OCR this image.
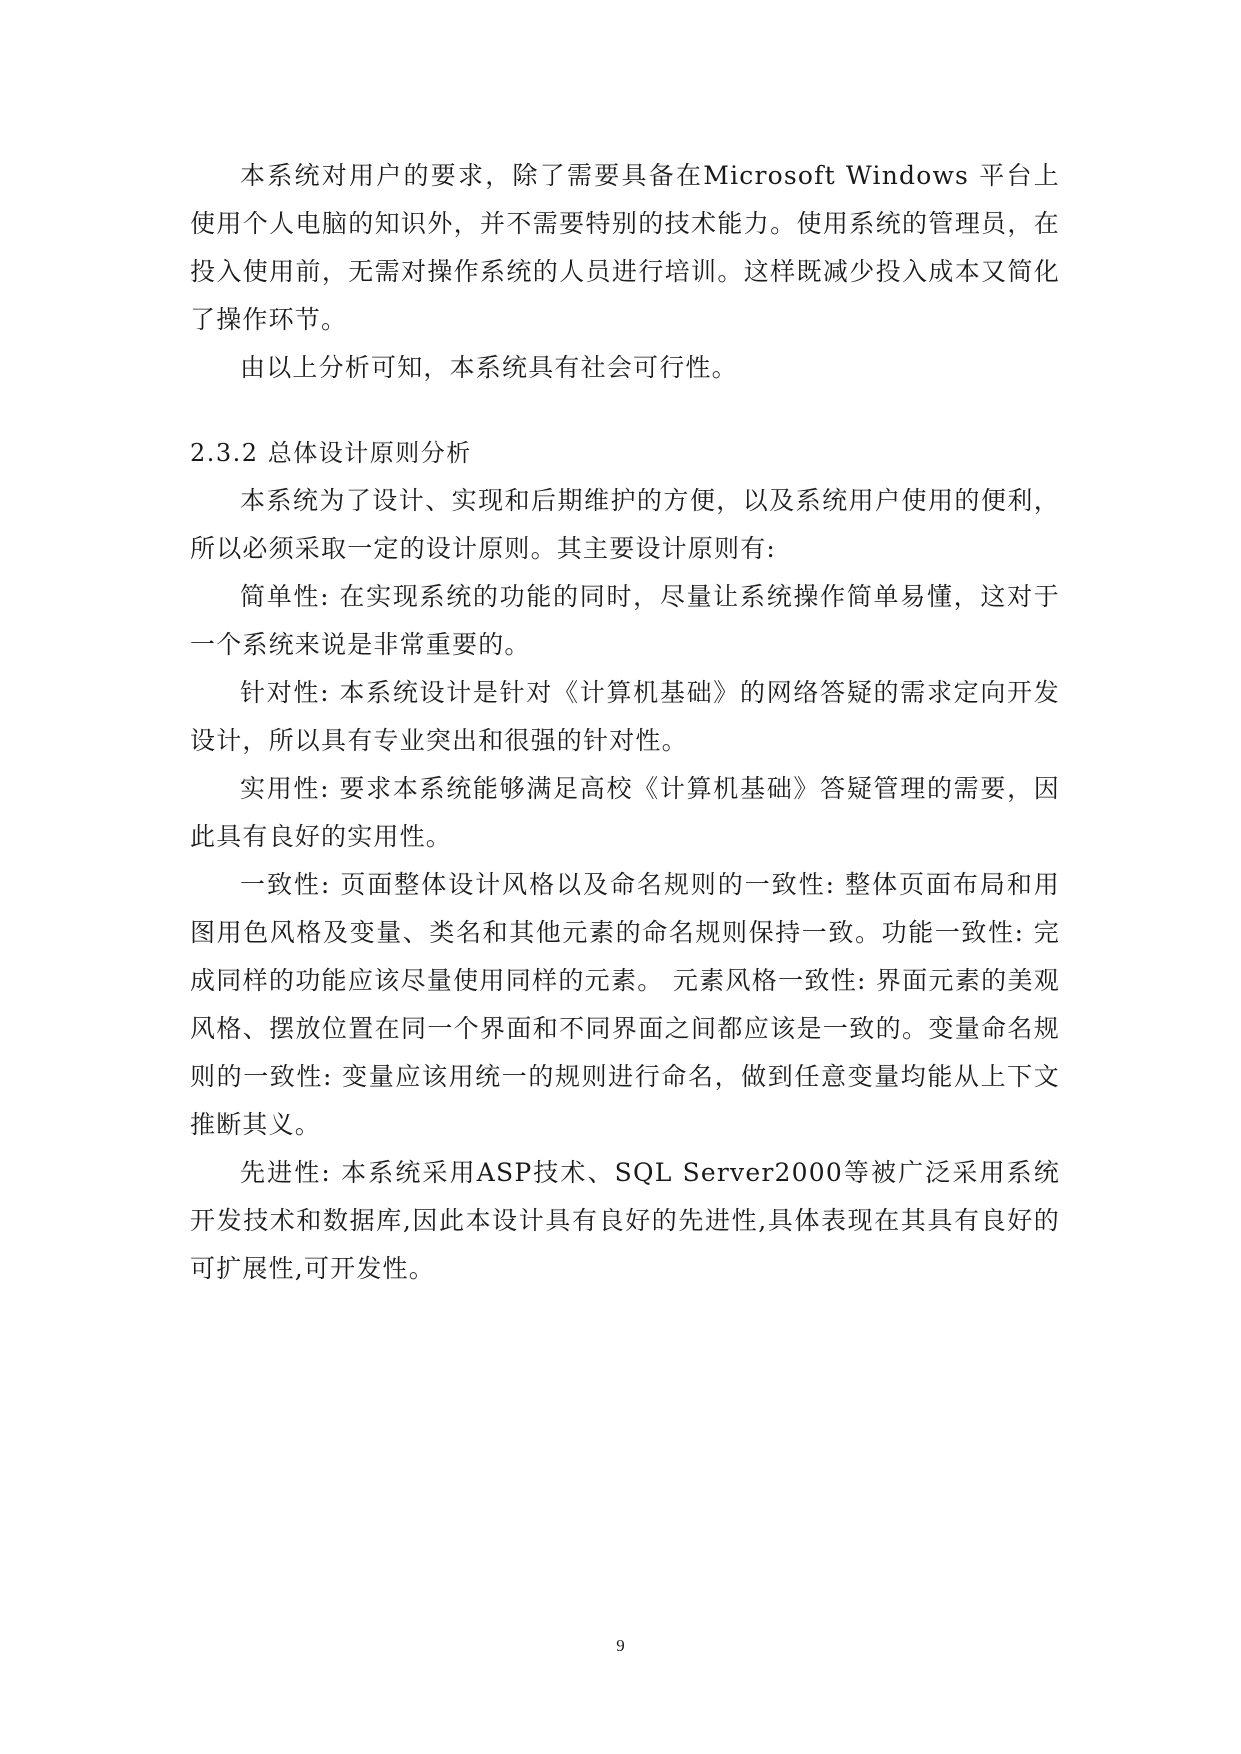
本系统对用户的要求，除了需要具备在Microsoft Windows 平台上使用个人电脑的知识外，并不需要特别的技术能力。使用系统的管理员，在投入使用前，无需对操作系统的人员进行培训。这样既减少投入成本又简化了操作环节。

由以上分析可知，本系统具有社会可行性。

2.3.2 总体设计原则分析

本系统为了设计、实现和后期维护的方便，以及系统用户使用的便利，所以必须采取一定的设计原则。其主要设计原则有:

简单性: 在实现系统的功能的同时，尽量让系统操作简单易懂，这对于一个系统来说是非常重要的。

针对性: 本系统设计是针对《计算机基础》的网络答疑的需求定向开发设计，所以具有专业突出和很强的针对性。

实用性: 要求本系统能够满足高校《计算机基础》答疑管理的需要，因此具有良好的实用性。

一致性: 页面整体设计风格以及命名规则的一致性: 整体页面布局和用图用色风格及变量、类名和其他元素的命名规则保持一致。功能一致性: 完成同样的功能应该尽量使用同样的元素。 元素风格一致性: 界面元素的美观风格、摆放位置在同一个界面和不同界面之间都应该是一致的。变量命名规则的一致性: 变量应该用统一的规则进行命名，做到任意变量均能从上下文推断其义。

先进性: 本系统采用ASP技术、SQL Server2000等被广泛采用系统开发技术和数据库,因此本设计具有良好的先进性,具体表现在其具有良好的可扩展性,可开发性。

9
